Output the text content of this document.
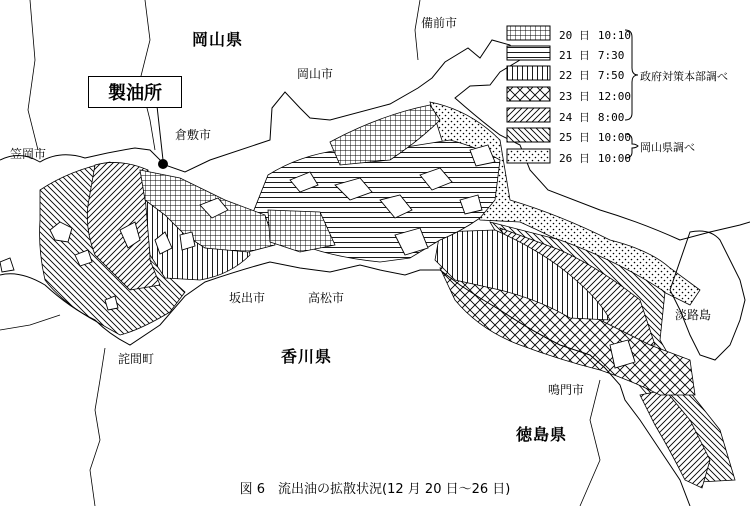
岡山県
備前市
岡山市
製油所
倉敷市
笠岡市
坂出市	高松市
詫間町	香川県
淡路島
鳴門市
徳島県
20 日 10:10
21 日 7:30
22 日 7:50
23 日 12:00
24 日 8:00
25 日 10:00
26 日 10:00
政府対策本部調べ
岡山県調べ
図 6　流出油の拡散状況(12 月 20 日～26 日)
